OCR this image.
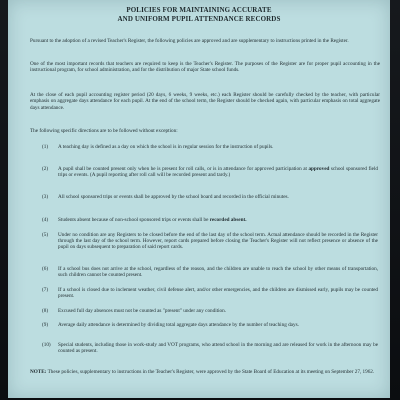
POLICIES FOR MAINTAINING ACCURATE
AND UNIFORM PUPIL ATTENDANCE RECORDS
Pursuant to the adoption of a revised Teacher's Register, the following policies are approved and are supplementary to instructions printed in the Register.
One of the most important records that teachers are required to keep is the Teacher's Register. The purposes of the Register are for proper pupil accounting in the instructional program, for school administration, and for the distribution of major State school funds.
At the close of each pupil accounting register period (20 days, 6 weeks, 9 weeks, etc.) each Register should be carefully checked by the teacher, with particular emphasis on aggregate days attendance for each pupil. At the end of the school term, the Register should be checked again, with particular emphasis on total aggregate days attendance.
The following specific directions are to be followed without exception:
(1)	A teaching day is defined as a day on which the school is in regular session for the instruction of pupils.
(2)	A pupil shall be counted present only when he is present for roll calls, or is in attendance for approved participation at approved school sponsored field trips or events. (A pupil reporting after roll call will be recorded present and tardy.)
(3)	All school sponsored trips or events shall be approved by the school board and recorded in the official minutes.
(4)	Students absent because of non-school sponsored trips or events shall be recorded absent.
(5)	Under no condition are any Registers to be closed before the end of the last day of the school term. Actual attendance should be recorded in the Register through the last day of the school term. However, report cards prepared before closing the Teacher's Register will not reflect presence or absence of the pupil on days subsequent to preparation of said report cards.
(6)	If a school bus does not arrive at the school, regardless of the reason, and the children are unable to reach the school by other means of transportation, such children cannot be counted present.
(7)	If a school is closed due to inclement weather, civil defense alert, and/or other emergencies, and the children are dismissed early, pupils may be counted present.
(8)	Excused full day absences must not be counted as "present" under any condition.
(9)	Average daily attendance is determined by dividing total aggregate days attendance by the number of teaching days.
(10)	Special students, including those in work-study and VOT programs, who attend school in the morning and are released for work in the afternoon may be counted as present.
NOTE: These policies, supplementary to instructions in the Teacher's Register, were approved by the State Board of Education at its meeting on September 27, 1962.
